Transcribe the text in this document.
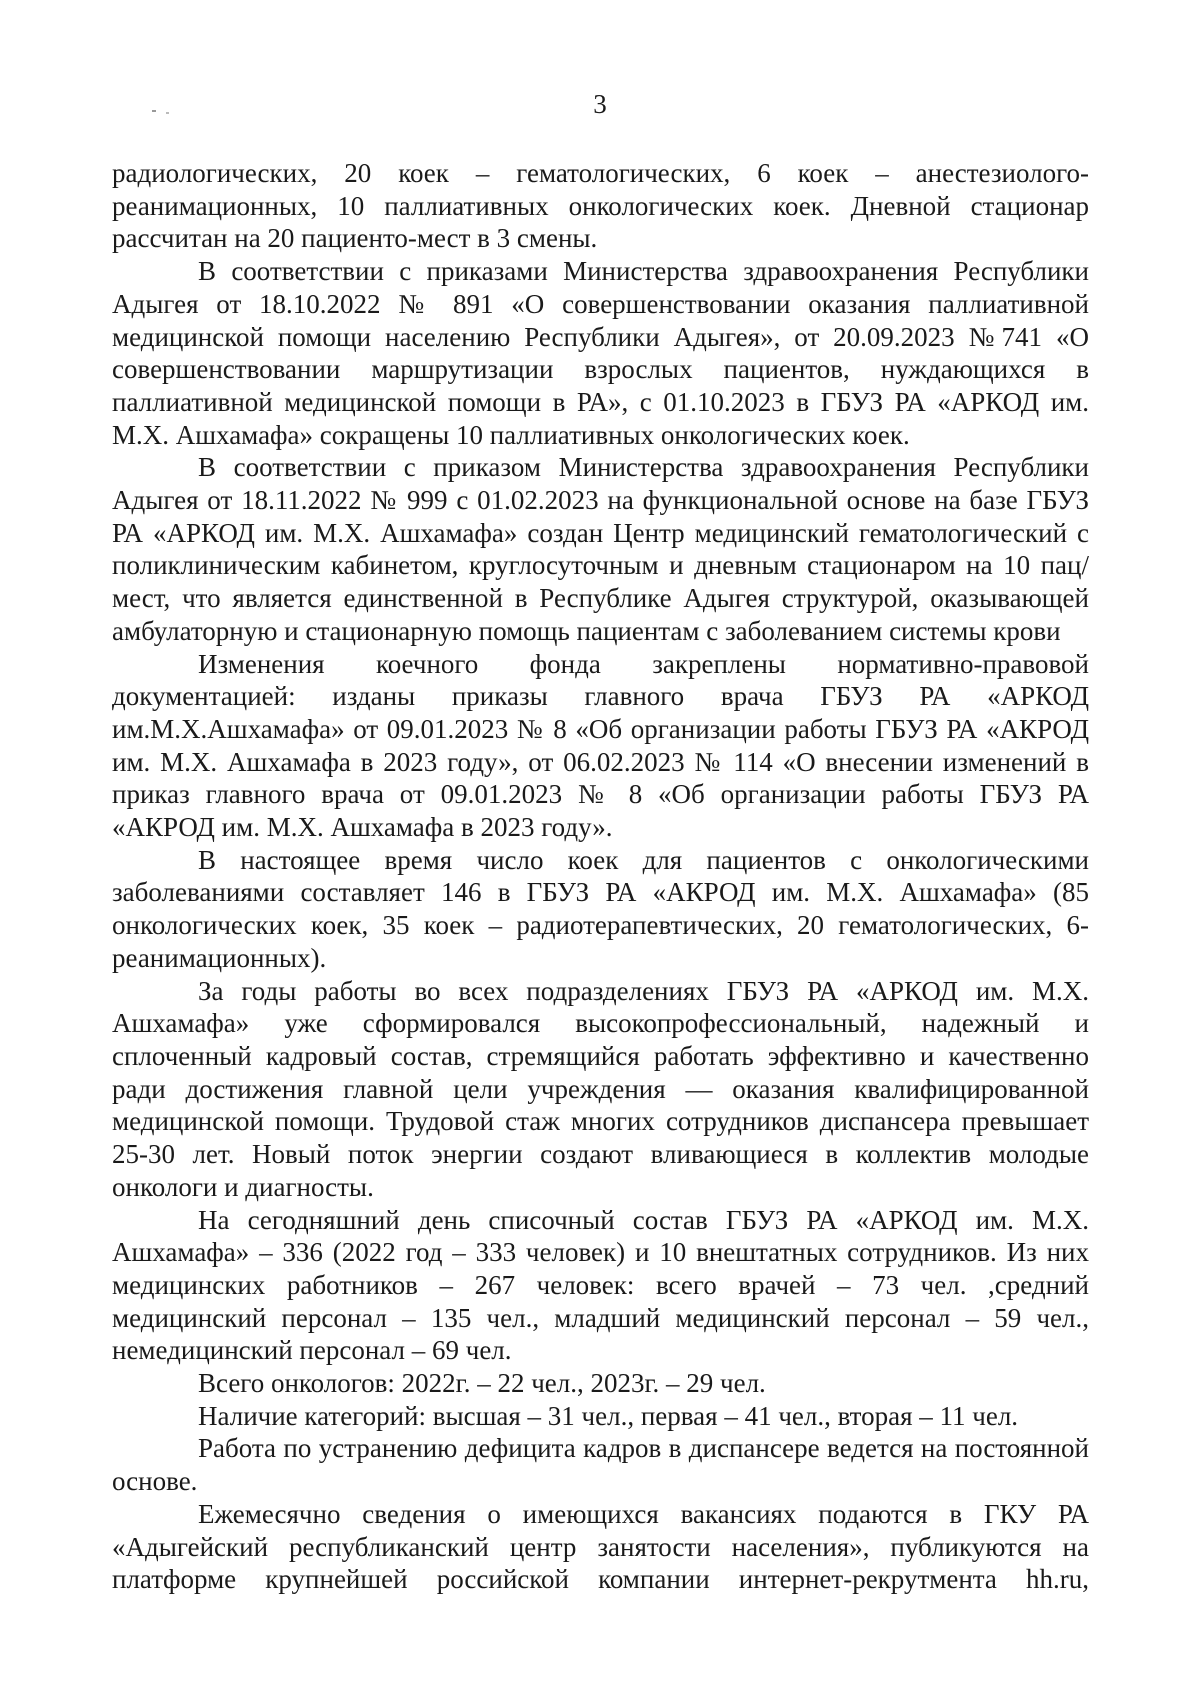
3

радиологических, 20 коек – гематологических, 6 коек – анестезиолого-реанимационных, 10 паллиативных онкологических коек. Дневной стационар рассчитан на 20 пациенто-мест в 3 смены.

В соответствии с приказами Министерства здравоохранения Республики Адыгея от 18.10.2022 № 891 «О совершенствовании оказания паллиативной медицинской помощи населению Республики Адыгея», от 20.09.2023 №741 «О совершенствовании маршрутизации взрослых пациентов, нуждающихся в паллиативной медицинской помощи в РА», с 01.10.2023 в ГБУЗ РА «АРКОД им. М.Х. Ашхамафа» сокращены 10 паллиативных онкологических коек.

В соответствии с приказом Министерства здравоохранения Республики Адыгея от 18.11.2022 № 999 с 01.02.2023 на функциональной основе на базе ГБУЗ РА «АРКОД им. М.Х. Ашхамафа» создан Центр медицинский гематологический с поликлиническим кабинетом, круглосуточным и дневным стационаром на 10 пац/мест, что является единственной в Республике Адыгея структурой, оказывающей амбулаторную и стационарную помощь пациентам с заболеванием системы крови

Изменения коечного фонда закреплены нормативно-правовой документацией: изданы приказы главного врача ГБУЗ РА «АРКОД им.М.Х.Ашхамафа» от 09.01.2023 № 8 «Об организации работы ГБУЗ РА «АКРОД им. М.Х. Ашхамафа в 2023 году», от 06.02.2023 № 114 «О внесении изменений в приказ главного врача от 09.01.2023 № 8 «Об организации работы ГБУЗ РА «АКРОД им. М.Х. Ашхамафа в 2023 году».

В настоящее время число коек для пациентов с онкологическими заболеваниями составляет 146 в ГБУЗ РА «АКРОД им. М.Х. Ашхамафа» (85 онкологических коек, 35 коек – радиотерапевтических, 20 гематологических, 6-реанимационных).

За годы работы во всех подразделениях ГБУЗ РА «АРКОД им. М.Х. Ашхамафа» уже сформировался высокопрофессиональный, надежный и сплоченный кадровый состав, стремящийся работать эффективно и качественно ради достижения главной цели учреждения — оказания квалифицированной медицинской помощи. Трудовой стаж многих сотрудников диспансера превышает 25-30 лет. Новый поток энергии создают вливающиеся в коллектив молодые онкологи и диагносты.

На сегодняшний день списочный состав ГБУЗ РА «АРКОД им. М.Х. Ашхамафа» – 336 (2022 год – 333 человек) и 10 внештатных сотрудников. Из них медицинских работников – 267 человек: всего врачей – 73 чел. ,средний медицинский персонал – 135 чел., младший медицинский персонал – 59 чел., немедицинский персонал – 69 чел.

Всего онкологов: 2022г. – 22 чел., 2023г. – 29 чел.

Наличие категорий: высшая – 31 чел., первая – 41 чел., вторая – 11 чел.

Работа по устранению дефицита кадров в диспансере ведется на постоянной основе.

Ежемесячно сведения о имеющихся вакансиях подаются в ГКУ РА «Адыгейский республиканский центр занятости населения», публикуются на платформе крупнейшей российской компании интернет-рекрутмента hh.ru,
